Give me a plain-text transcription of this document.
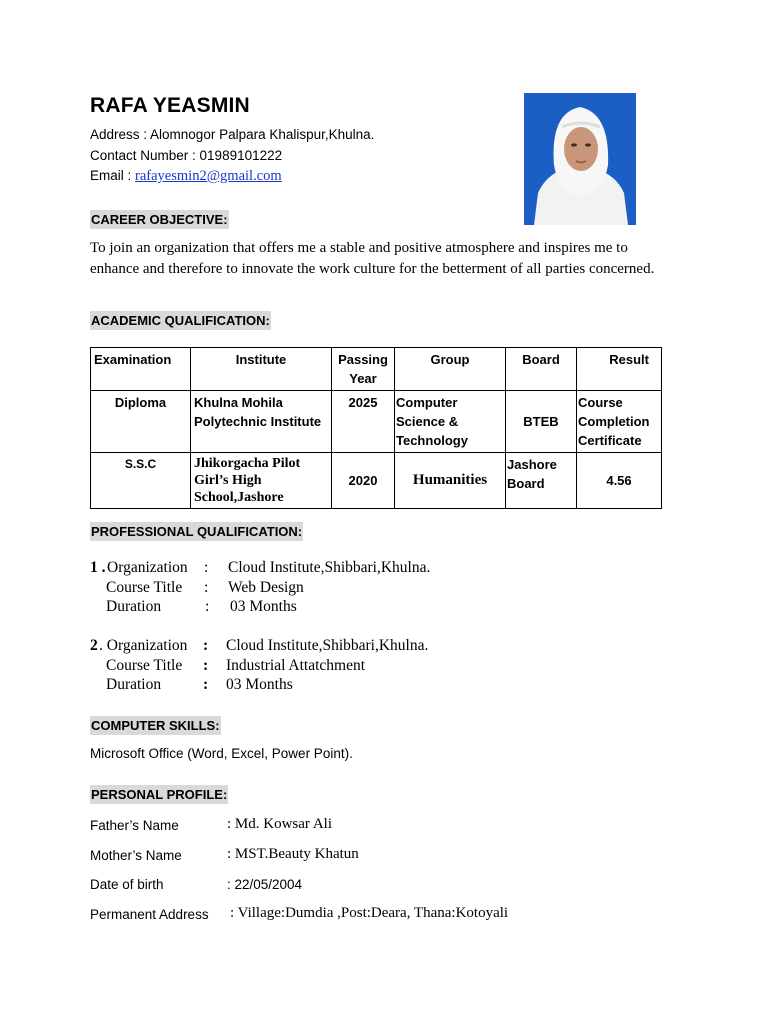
RAFA YEASMIN
Address : Alomnogor Palpara Khalispur,Khulna.
Contact Number : 01989101222
Email : rafayesmin2@gmail.com
CAREER OBJECTIVE:
To join an organization that offers me a stable and positive atmosphere and inspires me to enhance and therefore to innovate the work culture for the betterment of all parties concerned.
ACADEMIC QUALIFICATION:
Examination	Institute	Passing Year	Group	Board	Result
Diploma	Khulna Mohila Polytechnic Institute	2025	Computer Science & Technology	BTEB	Course Completion Certificate
S.S.C	Jhikorgacha Pilot Girl’s High School,Jashore	2020	Humanities	Jashore Board	4.56
PROFESSIONAL QUALIFICATION:
1 . Organization : Cloud Institute,Shibbari,Khulna.
Course Title : Web Design
Duration	: 03 Months
2 . Organization : Cloud Institute,Shibbari,Khulna.
Course Title : Industrial Attatchment
Duration	: 03 Months
COMPUTER SKILLS:
Microsoft Office (Word, Excel, Power Point).
PERSONAL PROFILE:
Father’s Name	: Md. Kowsar Ali
Mother’s Name	: MST.Beauty Khatun
Date of birth	: 22/05/2004
Permanent Address : Village:Dumdia ,Post:Deara, Thana:Kotoyali
